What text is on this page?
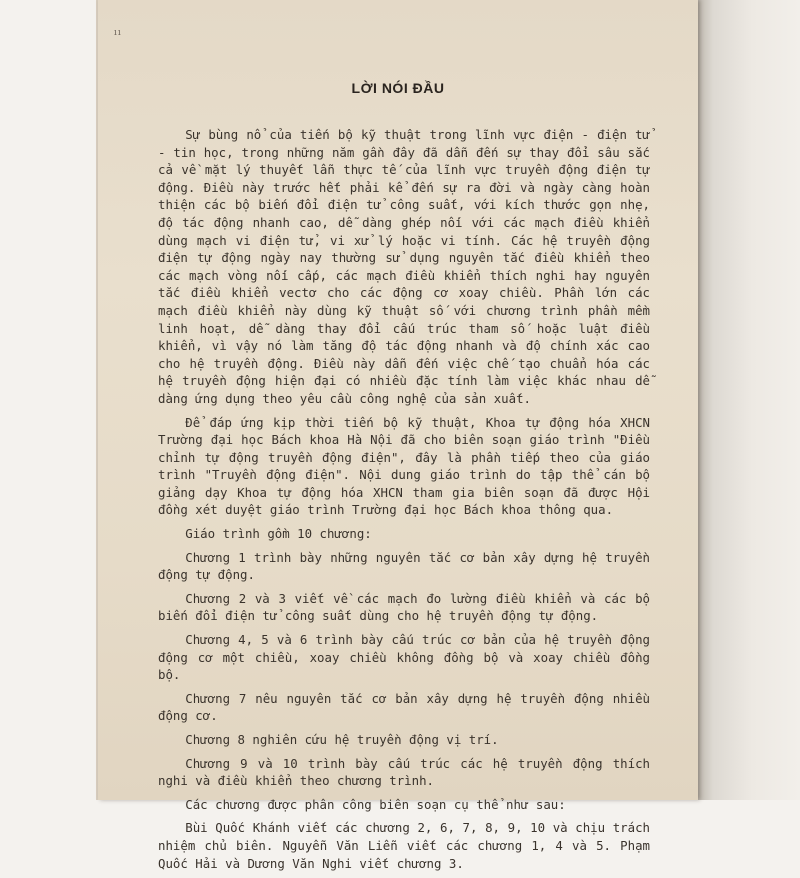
ıı
LỜI NÓI ĐẦU

Sự bùng nổ của tiến bộ kỹ thuật trong lĩnh vực điện - điện tử - tin học, trong những năm gần đây đã dẫn đến sự thay đổi sâu sắc cả về mặt lý thuyết lẫn thực tế của lĩnh vực truyền động điện tự động. Điều này trước hết phải kể đến sự ra đời và ngày càng hoàn thiện các bộ biến đổi điện tử công suất, với kích thước gọn nhẹ, độ tác động nhanh cao, dễ dàng ghép nối với các mạch điều khiển dùng mạch vi điện tử, vi xử lý hoặc vi tính. Các hệ truyền động điện tự động ngày nay thường sử dụng nguyên tắc điều khiển theo các mạch vòng nối cấp, các mạch điều khiển thích nghi hay nguyên tắc điều khiển vectơ cho các động cơ xoay chiều. Phần lớn các mạch điều khiển này dùng kỹ thuật số với chương trình phần mềm linh hoạt, dễ dàng thay đổi cấu trúc tham số hoặc luật điều khiển, vì vậy nó làm tăng độ tác động nhanh và độ chính xác cao cho hệ truyền động. Điều này dẫn đến việc chế tạo chuẩn hóa các hệ truyền động hiện đại có nhiều đặc tính làm việc khác nhau dễ dàng ứng dụng theo yêu cầu công nghệ của sản xuất.

Để đáp ứng kịp thời tiến bộ kỹ thuật, Khoa tự động hóa XHCN Trường đại học Bách khoa Hà Nội đã cho biên soạn giáo trình "Điều chỉnh tự động truyền động điện", đây là phần tiếp theo của giáo trình "Truyền động điện". Nội dung giáo trình do tập thể cán bộ giảng dạy Khoa tự động hóa XHCN tham gia biên soạn đã được Hội đồng xét duyệt giáo trình Trường đại học Bách khoa thông qua.

Giáo trình gồm 10 chương:

Chương 1 trình bày những nguyên tắc cơ bản xây dựng hệ truyền động tự động.

Chương 2 và 3 viết về các mạch đo lường điều khiển và các bộ biến đổi điện tử công suất dùng cho hệ truyền động tự động.

Chương 4, 5 và 6 trình bày cấu trúc cơ bản của hệ truyền động động cơ một chiều, xoay chiều không đồng bộ và xoay chiều đồng bộ.

Chương 7 nêu nguyên tắc cơ bản xây dựng hệ truyền động nhiều động cơ.

Chương 8 nghiên cứu hệ truyền động vị trí.

Chương 9 và 10 trình bày cấu trúc các hệ truyền động thích nghi và điều khiển theo chương trình.

Các chương được phân công biên soạn cụ thể như sau:

Bùi Quốc Khánh viết các chương 2, 6, 7, 8, 9, 10 và chịu trách nhiệm chủ biên. Nguyễn Văn Liễn viết các chương 1, 4 và 5. Phạm Quốc Hải và Dương Văn Nghi viết chương 3.
